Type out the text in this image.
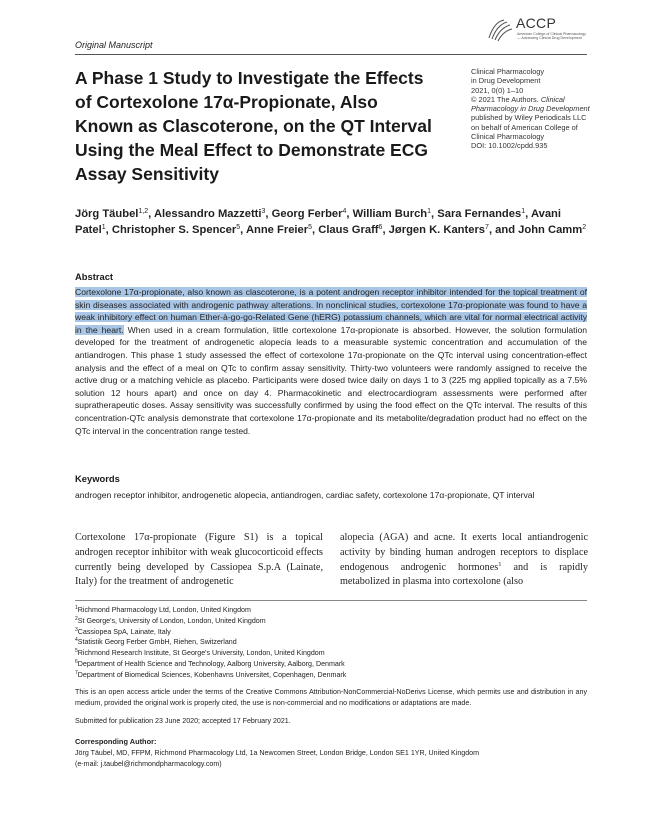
Original Manuscript
ACCP
American College of Clinical Pharmacology — Advancing Clinical Drug Development
A Phase 1 Study to Investigate the Effects of Cortexolone 17α-Propionate, Also Known as Clascoterone, on the QT Interval Using the Meal Effect to Demonstrate ECG Assay Sensitivity
Clinical Pharmacology
in Drug Development
2021, 0(0) 1–10
© 2021 The Authors. Clinical
Pharmacology in Drug Development
published by Wiley Periodicals LLC
on behalf of American College of
Clinical Pharmacology
DOI: 10.1002/cpdd.935
Jörg Täubel$^{1,2}$, Alessandro Mazzetti$^3$, Georg Ferber$^4$, William Burch$^1$, Sara Fernandes$^1$, Avani Patel$^1$, Christopher S. Spencer$^5$, Anne Freier$^5$, Claus Graff$^6$, Jørgen K. Kanters$^7$, and John Camm$^2$
Abstract
Cortexolone 17α-propionate, also known as clascoterone, is a potent androgen receptor inhibitor intended for the topical treatment of skin diseases associated with androgenic pathway alterations. In nonclinical studies, cortexolone 17α-propionate was found to have a weak inhibitory effect on human Ether-à-go-go-Related Gene (hERG) potassium channels, which are vital for normal electrical activity in the heart. When used in a cream formulation, little cortexolone 17α-propionate is absorbed. However, the solution formulation developed for the treatment of androgenetic alopecia leads to a measurable systemic concentration and accumulation of the antiandrogen. This phase 1 study assessed the effect of cortexolone 17α-propionate on the QTc interval using concentration-effect analysis and the effect of a meal on QTc to confirm assay sensitivity. Thirty-two volunteers were randomly assigned to receive the active drug or a matching vehicle as placebo. Participants were dosed twice daily on days 1 to 3 (225 mg applied topically as a 7.5% solution 12 hours apart) and once on day 4. Pharmacokinetic and electrocardiogram assessments were performed after supratherapeutic doses. Assay sensitivity was successfully confirmed by using the food effect on the QTc interval. The results of this concentration-QTc analysis demonstrate that cortexolone 17α-propionate and its metabolite/degradation product had no effect on the QTc interval in the concentration range tested.
Keywords
androgen receptor inhibitor, androgenetic alopecia, antiandrogen, cardiac safety, cortexolone 17α-propionate, QT interval
Cortexolone 17α-propionate (Figure S1) is a topical androgen receptor inhibitor with weak glucocorticoid effects currently being developed by Cassiopea S.p.A (Lainate, Italy) for the treatment of androgenetic
alopecia (AGA) and acne. It exerts local antiandrogenic activity by binding human androgen receptors to displace endogenous androgenic hormones$^1$ and is rapidly metabolized in plasma into cortexolone (also
$^1$Richmond Pharmacology Ltd, London, United Kingdom
$^2$St George's, University of London, London, United Kingdom
$^3$Cassiopea SpA, Lainate, Italy
$^4$Statistik Georg Ferber GmbH, Riehen, Switzerland
$^5$Richmond Research Institute, St George's University, London, United Kingdom
$^6$Department of Health Science and Technology, Aalborg University, Aalborg, Denmark
$^7$Department of Biomedical Sciences, Kobenhavns Universitet, Copenhagen, Denmark
This is an open access article under the terms of the Creative Commons Attribution-NonCommercial-NoDerivs License, which permits use and distribution in any medium, provided the original work is properly cited, the use is non-commercial and no modifications or adaptations are made.
Submitted for publication 23 June 2020; accepted 17 February 2021.
Corresponding Author:
Jörg Täubel, MD, FFPM, Richmond Pharmacology Ltd, 1a Newcomen Street, London Bridge, London SE1 1YR, United Kingdom
(e-mail: j.taubel@richmondpharmacology.com)
